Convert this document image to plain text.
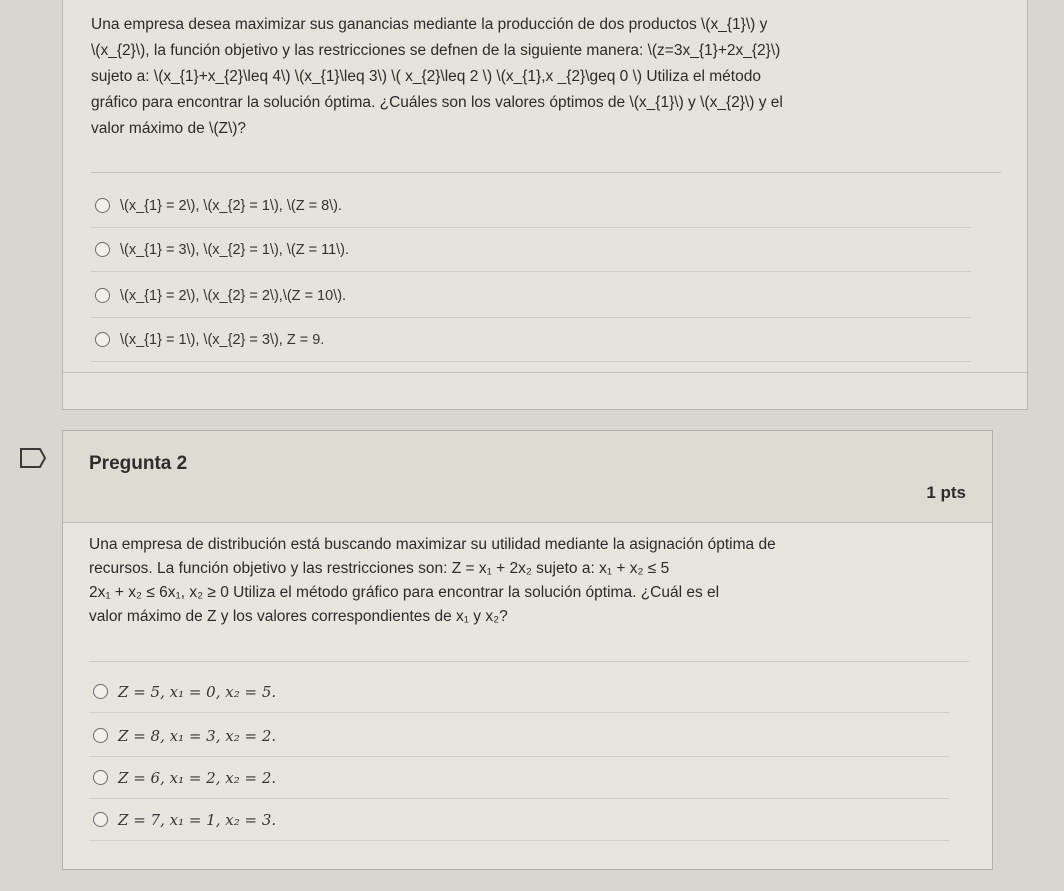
Una empresa desea maximizar sus ganancias mediante la producción de dos productos \(x_{1}\) y
\(x_{2}\), la función objetivo y las restricciones se defnen de la siguiente manera: \(z=3x_{1}+2x_{2}\)
sujeto a: \(x_{1}+x_{2}\leq 4\) \(x_{1}\leq 3\) \( x_{2}\leq 2 \) \(x_{1},x _{2}\geq 0 \) Utiliza el método
gráfico para encontrar la solución óptima. ¿Cuáles son los valores óptimos de \(x_{1}\) y \(x_{2}\) y el
valor máximo de \(Z\)?
\(x_{1} = 2\), \(x_{2} = 1\), \(Z = 8\).
\(x_{1} = 3\), \(x_{2} = 1\), \(Z = 11\).
\(x_{1} = 2\), \(x_{2} = 2\),\(Z = 10\).
\(x_{1} = 1\), \(x_{2} = 3\), Z = 9.
Pregunta 2
1 pts
Una empresa de distribución está buscando maximizar su utilidad mediante la asignación óptima de
recursos. La función objetivo y las restricciones son: Z = x₁ + 2x₂ sujeto a: x₁ + x₂ ≤ 5
2x₁ + x₂ ≤ 6x₁, x₂ ≥ 0 Utiliza el método gráfico para encontrar la solución óptima. ¿Cuál es el
valor máximo de Z y los valores correspondientes de x₁ y x₂?
Z = 5, x₁ = 0, x₂ = 5.
Z = 8, x₁ = 3, x₂ = 2.
Z = 6, x₁ = 2, x₂ = 2.
Z = 7, x₁ = 1, x₂ = 3.
